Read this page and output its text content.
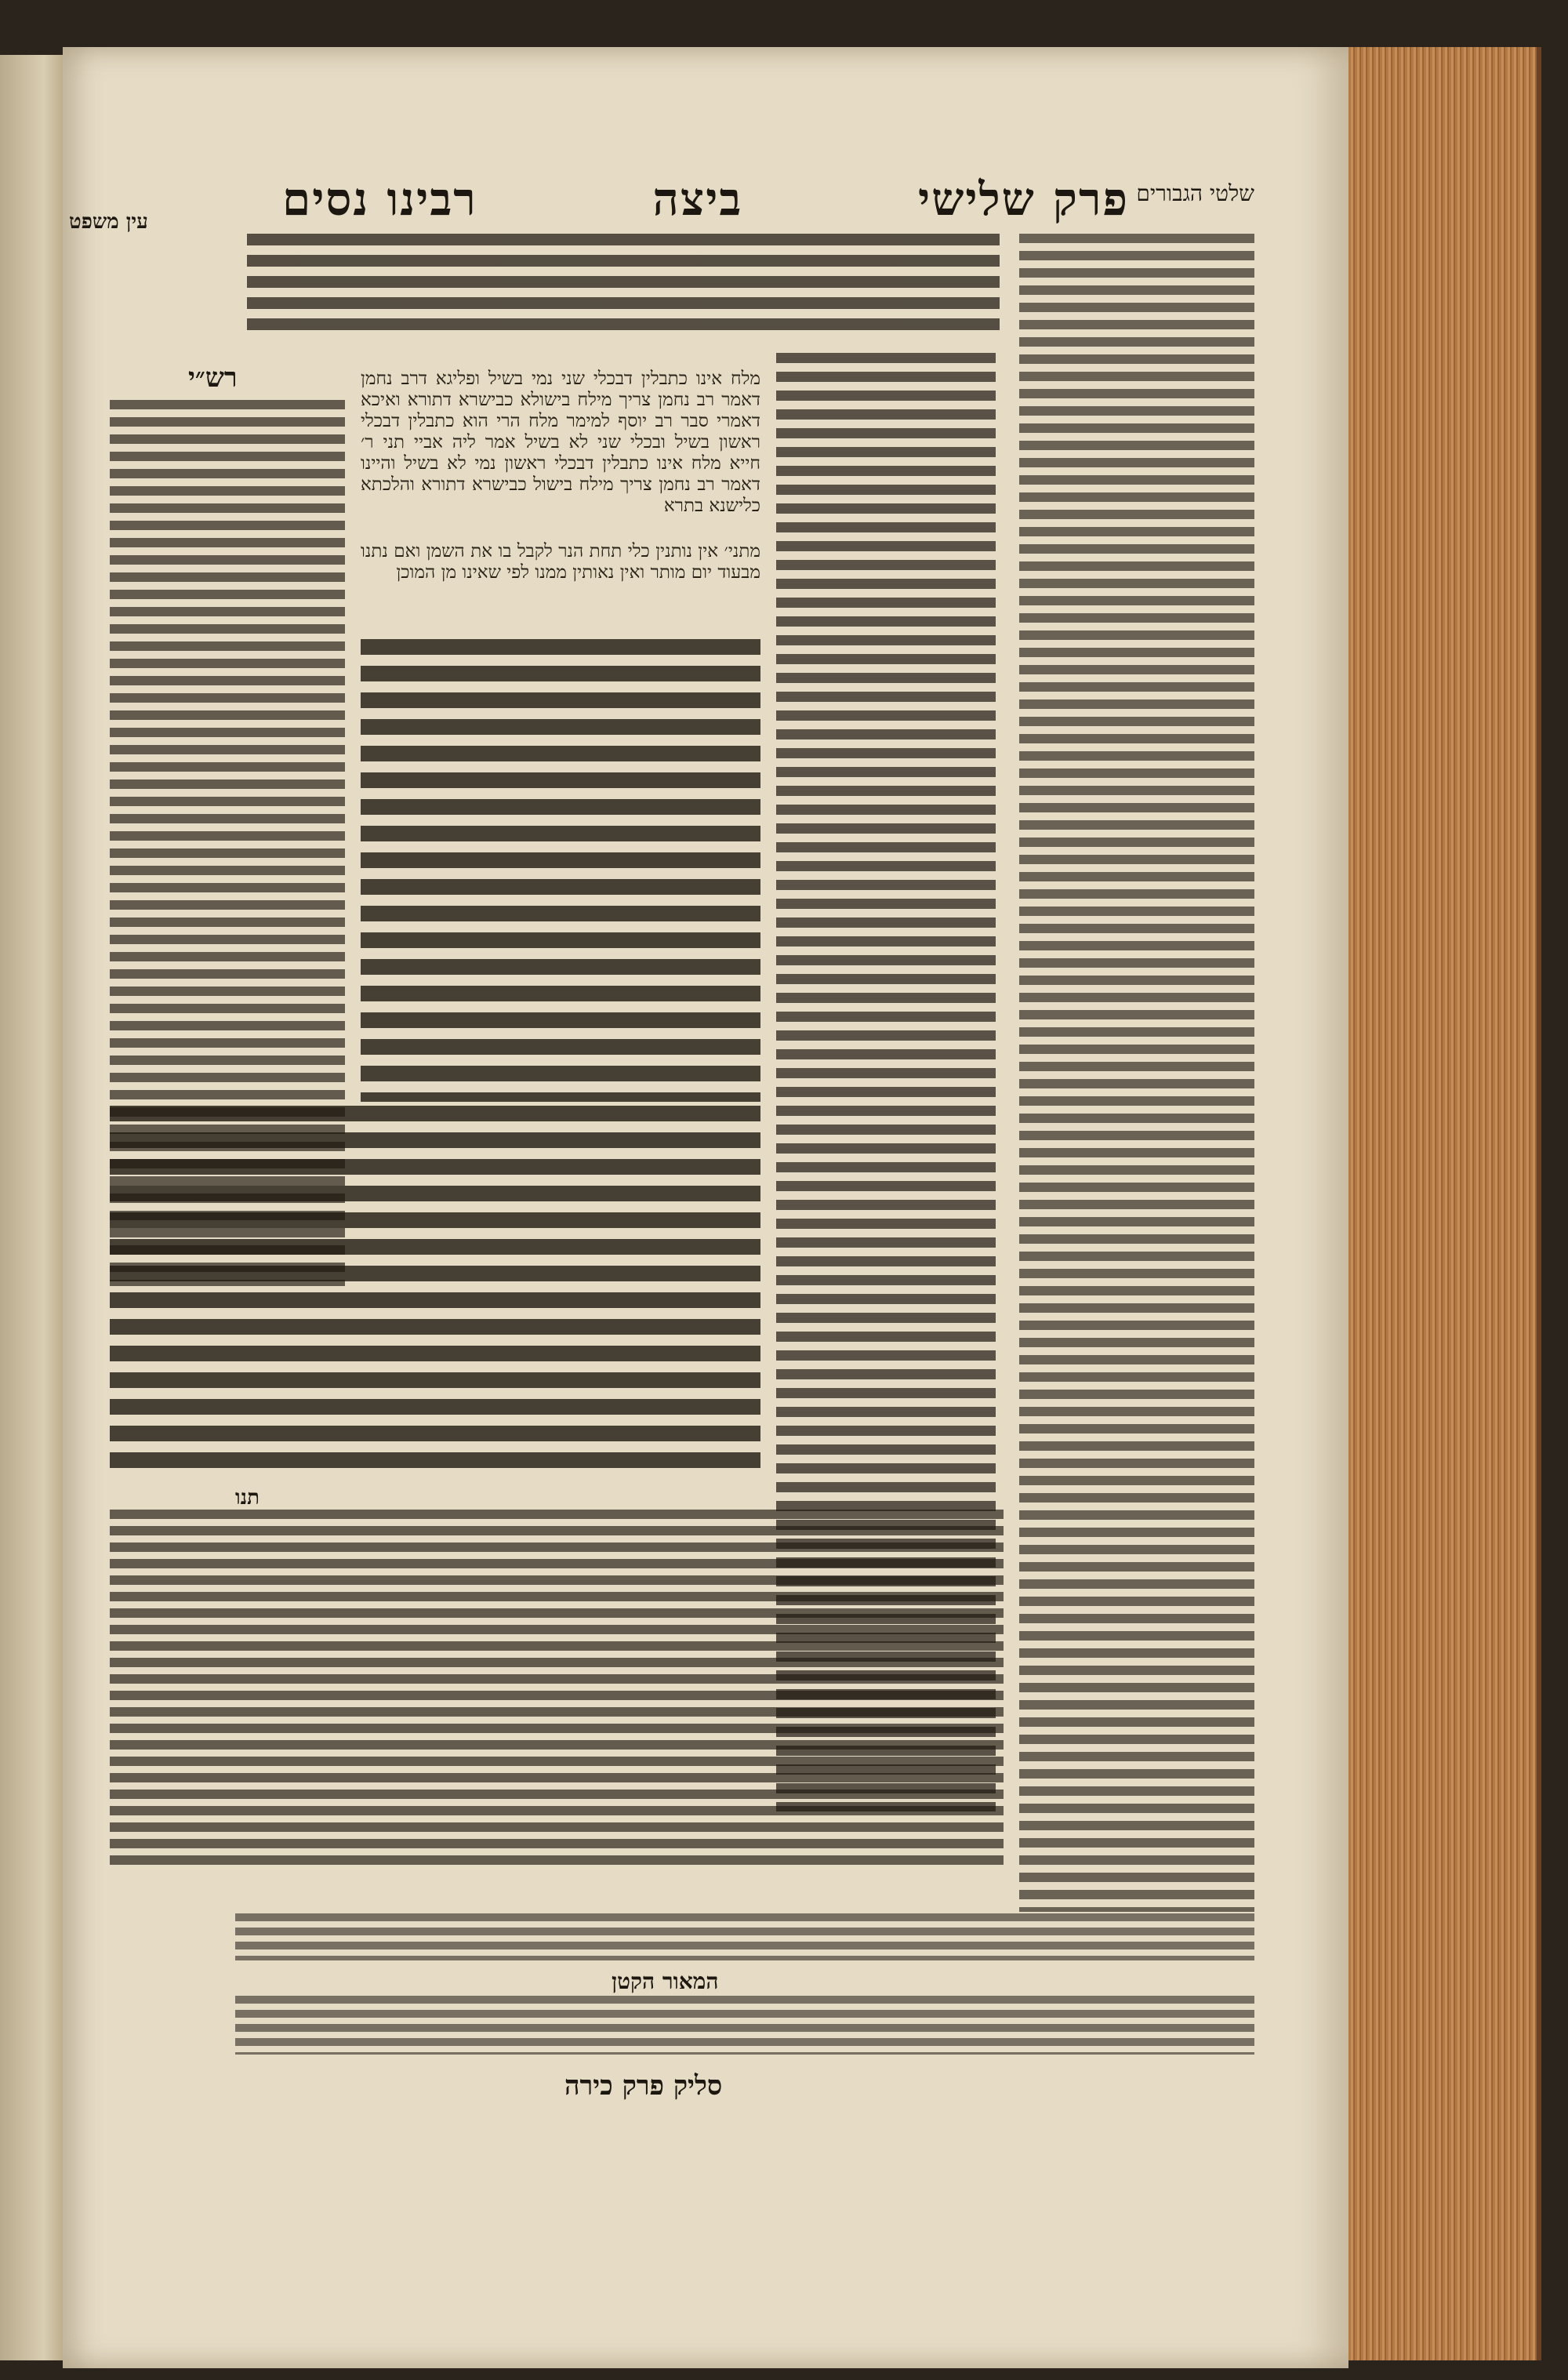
שלטי הגבורים
רבינו נסים	ביצה	פרק שלישי
עין משפט
רש״י	מלח אינו כתבלין דבכלי שני נמי בשיל ופליגא דרב נחמן דאמר רב נחמן צריך מילח בישולא כבישרא דתורא ואיכא דאמרי סבר רב יוסף למימר מלח הרי הוא כתבלין דבכלי ראשון בשיל ובכלי שני לא בשיל אמר ליה אביי תני ר׳ חייא מלח אינו כתבלין דבכלי ראשון נמי לא בשיל והיינו דאמר רב נחמן צריך מילח בישול כבישרא דתורא והלכתא כלישנא בתרא
מתני׳ אין נותנין כלי תחת הנר לקבל בו את השמן ואם נתנו מבעוד יום מותר ואין נאותין ממנו לפי שאינו מן המוכן
תנו
המאור הקטן
סליק פרק כירה
